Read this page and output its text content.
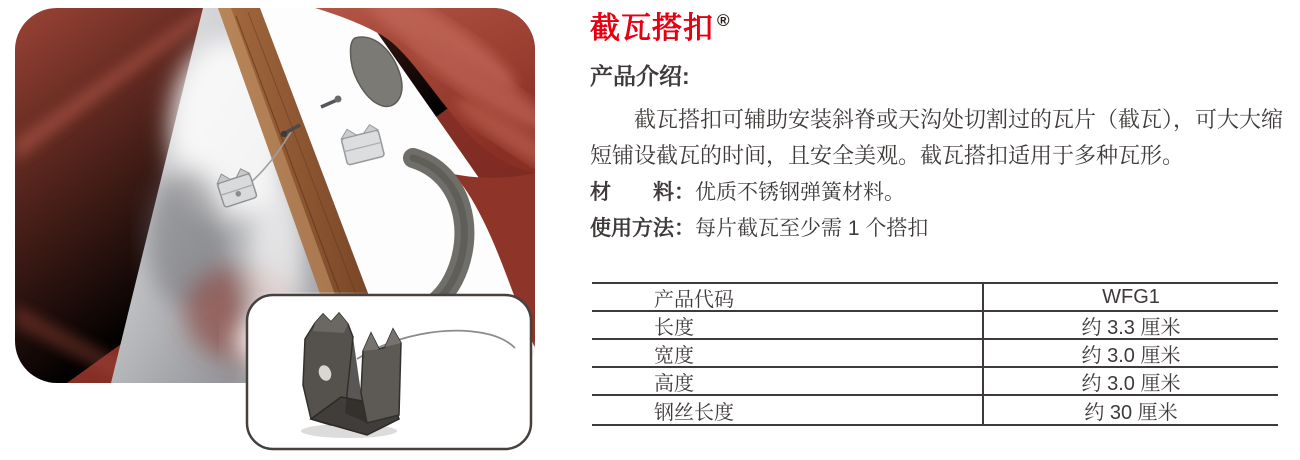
截瓦搭扣 ®
产品介绍:

截瓦搭扣可辅助安装斜脊或天沟处切割过的瓦片（截瓦），可大大缩短铺设截瓦的时间，且安全美观。截瓦搭扣适用于多种瓦形。

材　　料：优质不锈钢弹簧材料。
使用方法：每片截瓦至少需 1 个搭扣
产品代码	WFG1
长度	约 3.3 厘米
宽度	约 3.0 厘米
高度	约 3.0 厘米
钢丝长度	约 30 厘米
